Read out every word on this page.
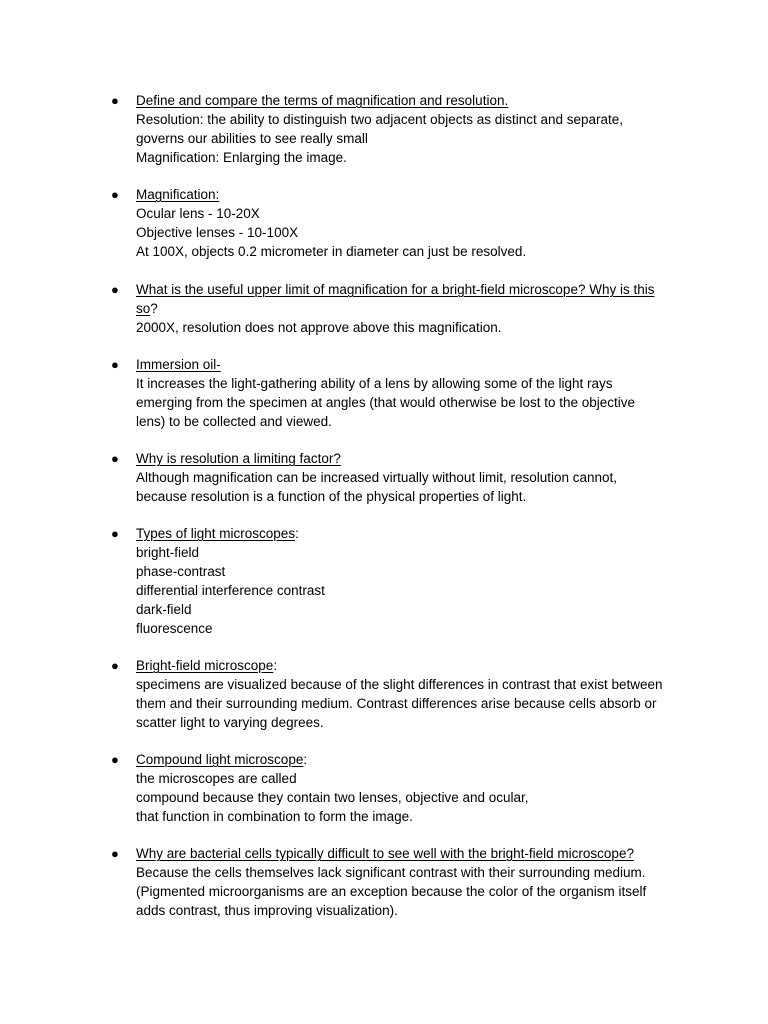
● Define and compare the terms of magnification and resolution.
Resolution: the ability to distinguish two adjacent objects as distinct and separate,
governs our abilities to see really small
Magnification: Enlarging the image.
● Magnification:
Ocular lens - 10-20X
Objective lenses - 10-100X
At 100X, objects 0.2 micrometer in diameter can just be resolved.
● What is the useful upper limit of magnification for a bright-field microscope? Why is this
so?
2000X, resolution does not approve above this magnification.
● Immersion oil-
It increases the light-gathering ability of a lens by allowing some of the light rays
emerging from the specimen at angles (that would otherwise be lost to the objective
lens) to be collected and viewed.
● Why is resolution a limiting factor?
Although magnification can be increased virtually without limit, resolution cannot,
because resolution is a function of the physical properties of light.
● Types of light microscopes:
bright-field
phase-contrast
differential interference contrast
dark-field
fluorescence
● Bright-field microscope:
specimens are visualized because of the slight differences in contrast that exist between
them and their surrounding medium. Contrast differences arise because cells absorb or
scatter light to varying degrees.
● Compound light microscope:
the microscopes are called
compound because they contain two lenses, objective and ocular,
that function in combination to form the image.
● Why are bacterial cells typically difficult to see well with the bright-field microscope?
Because the cells themselves lack significant contrast with their surrounding medium.
(Pigmented microorganisms are an exception because the color of the organism itself
adds contrast, thus improving visualization).
